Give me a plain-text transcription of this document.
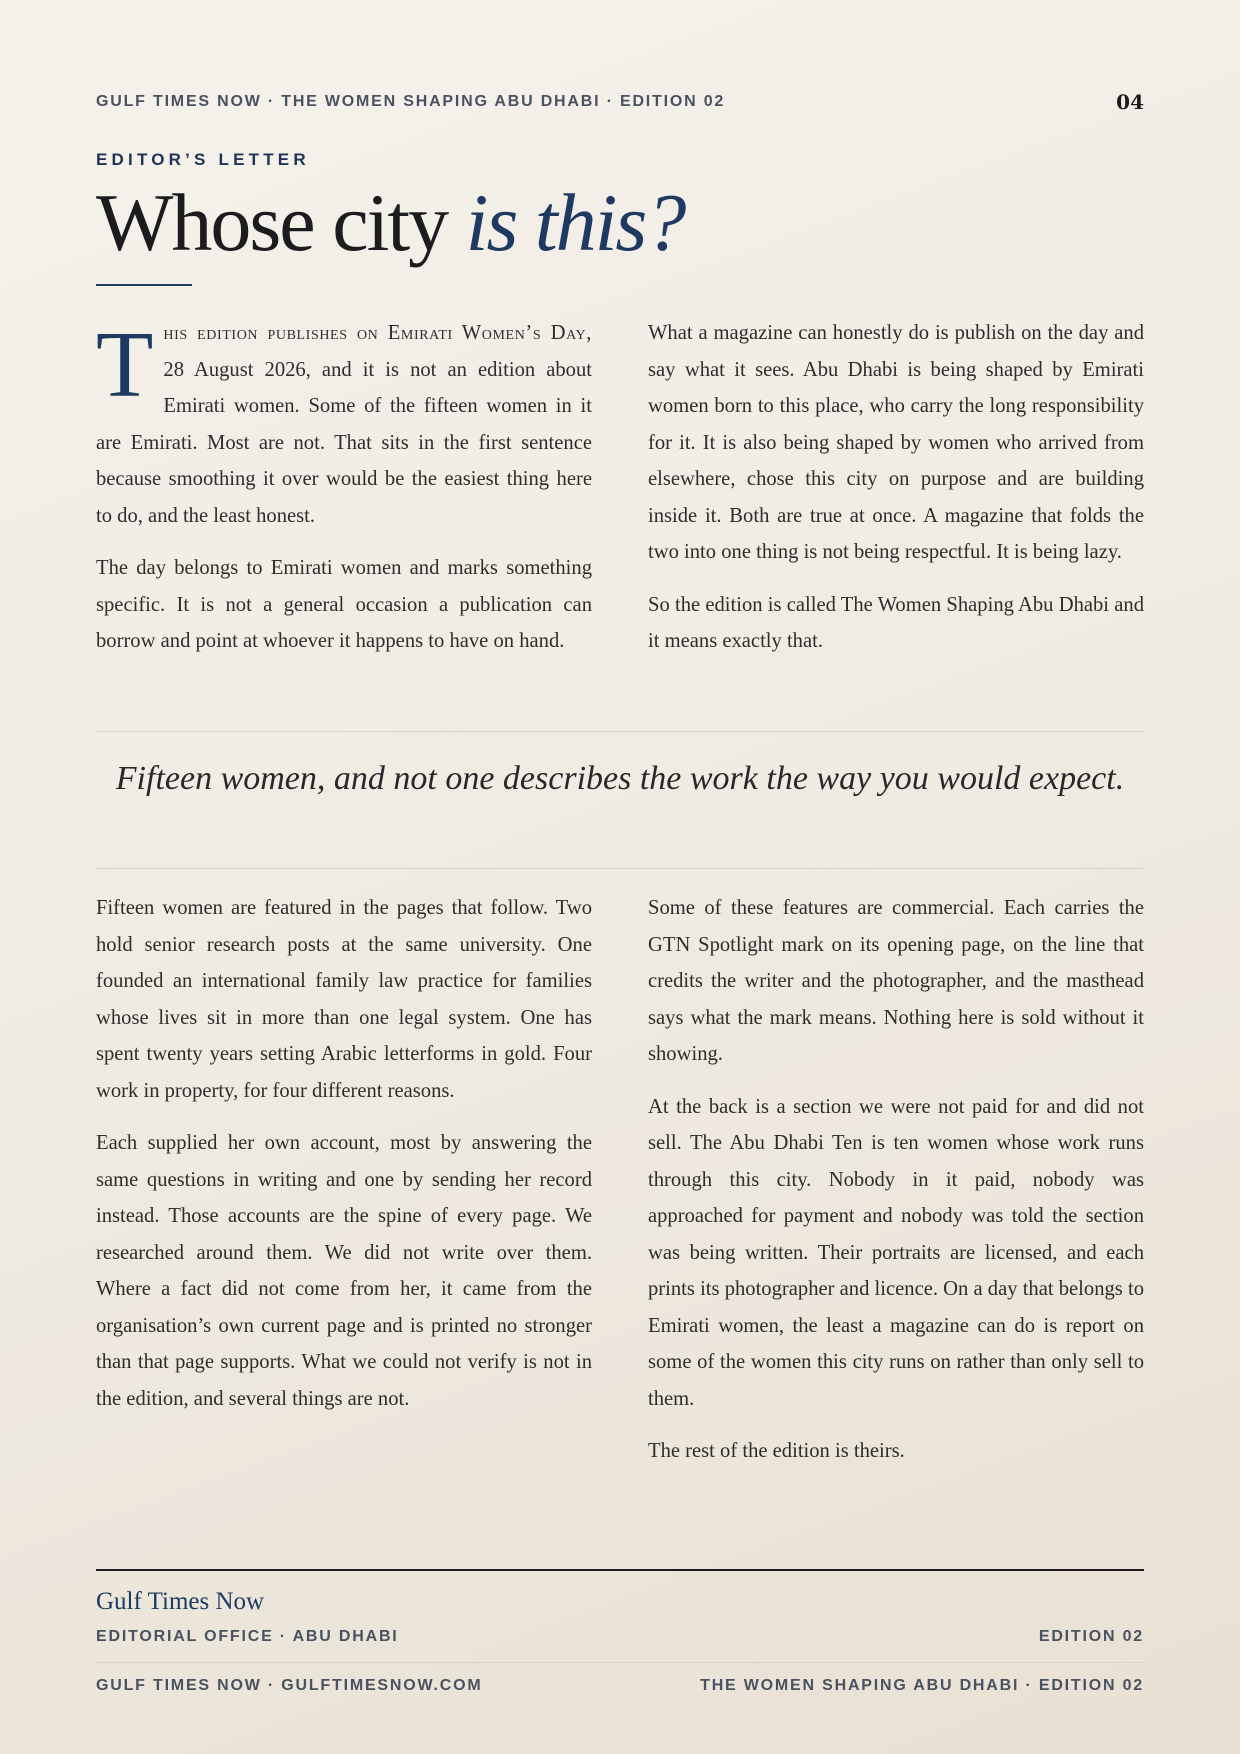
GULF TIMES NOW · THE WOMEN SHAPING ABU DHABI · EDITION 02	04
EDITOR’S LETTER
Whose city is this?

This edition publishes on Emirati Women’s Day, 28 August 2026, and it is not an edition about Emirati women. Some of the fifteen women in it are Emirati. Most are not. That sits in the first sentence because smoothing it over would be the easiest thing here to do, and the least honest.

The day belongs to Emirati women and marks something specific. It is not a general occasion a publication can borrow and point at whoever it happens to have on hand.

What a magazine can honestly do is publish on the day and say what it sees. Abu Dhabi is being shaped by Emirati women born to this place, who carry the long responsibility for it. It is also being shaped by women who arrived from elsewhere, chose this city on purpose and are building inside it. Both are true at once. A magazine that folds the two into one thing is not being respectful. It is being lazy.

So the edition is called The Women Shaping Abu Dhabi and it means exactly that.

Fifteen women, and not one describes the work the way you would expect.

Fifteen women are featured in the pages that follow. Two hold senior research posts at the same university. One founded an international family law practice for families whose lives sit in more than one legal system. One has spent twenty years setting Arabic letterforms in gold. Four work in property, for four different reasons.

Each supplied her own account, most by answering the same questions in writing and one by sending her record instead. Those accounts are the spine of every page. We researched around them. We did not write over them. Where a fact did not come from her, it came from the organisation’s own current page and is printed no stronger than that page supports. What we could not verify is not in the edition, and several things are not.

Some of these features are commercial. Each carries the GTN Spotlight mark on its opening page, on the line that credits the writer and the photographer, and the masthead says what the mark means. Nothing here is sold without it showing.

At the back is a section we were not paid for and did not sell. The Abu Dhabi Ten is ten women whose work runs through this city. Nobody in it paid, nobody was approached for payment and nobody was told the section was being written. Their portraits are licensed, and each prints its photographer and licence. On a day that belongs to Emirati women, the least a magazine can do is report on some of the women this city runs on rather than only sell to them.

The rest of the edition is theirs.

Gulf Times Now
EDITORIAL OFFICE · ABU DHABI	EDITION 02
GULF TIMES NOW · GULFTIMESNOW.COM	THE WOMEN SHAPING ABU DHABI · EDITION 02
